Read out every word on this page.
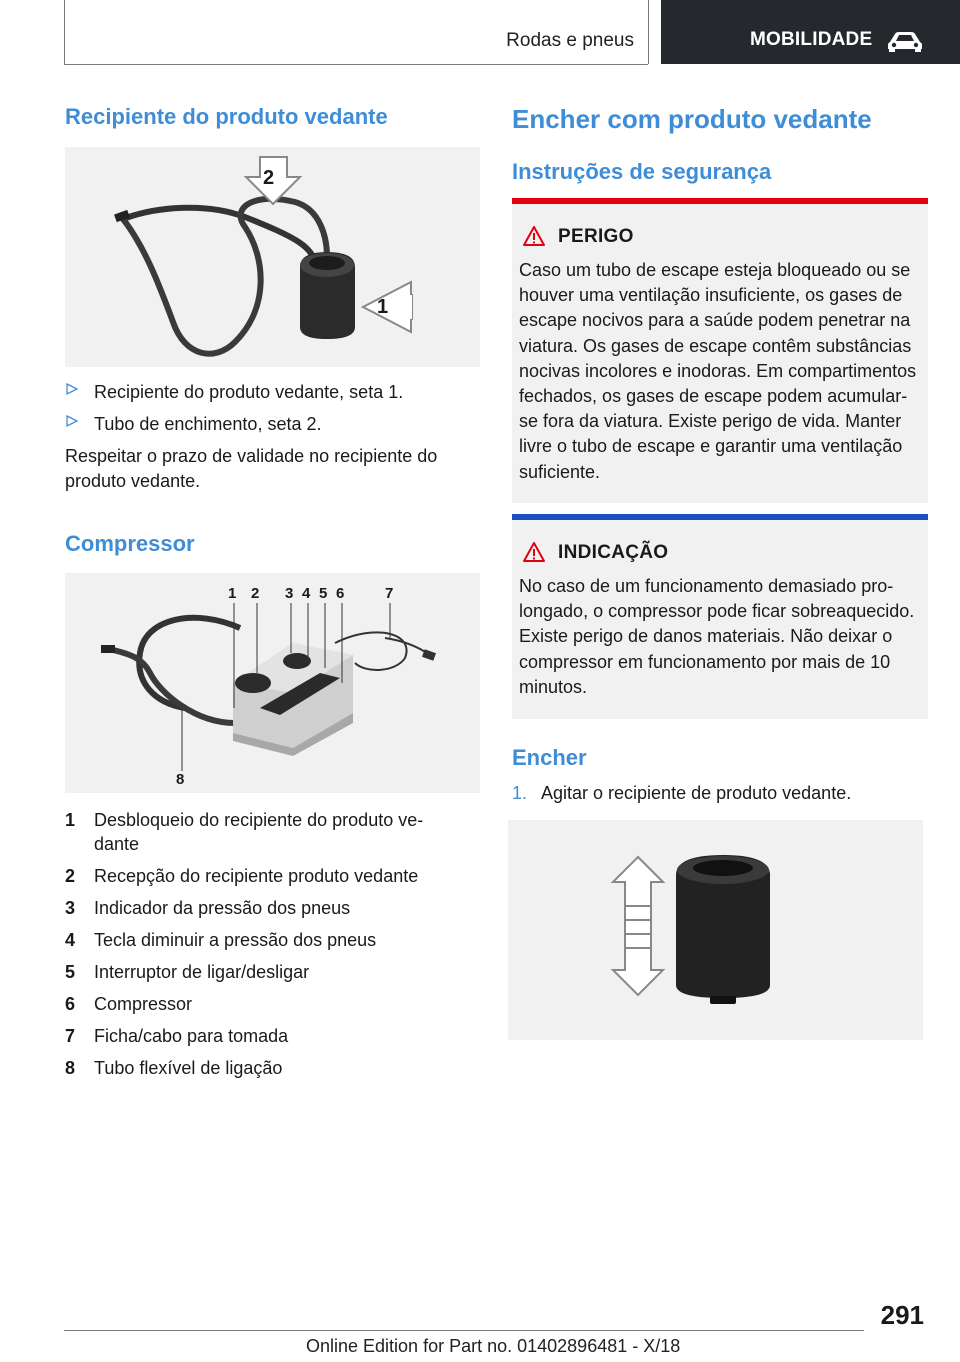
Rodas e pneus	MOBILIDADE
Recipiente do produto vedante
2
1
Recipiente do produto vedante, seta 1.
Tubo de enchimento, seta 2.
Respeitar o prazo de validade no recipiente do produto vedante.
Compressor
1 2 3 4 5 6	7
8
1 Desbloqueio do recipiente do produto vedante
2 Recepção do recipiente produto vedante
3 Indicador da pressão dos pneus
4 Tecla diminuir a pressão dos pneus
5 Interruptor de ligar/desligar
6 Compressor
7 Ficha/cabo para tomada
8 Tubo flexível de ligação
Encher com produto vedante
Instruções de segurança
PERIGO
Caso um tubo de escape esteja bloqueado ou se houver uma ventilação insuficiente, os gases de escape nocivos para a saúde podem penetrar na viatura. Os gases de escape contêm substâncias nocivas incolores e inodoras. Em compartimentos fechados, os gases de escape podem acumular-se fora da viatura. Existe perigo de vida. Manter livre o tubo de escape e garantir uma ventilação suficiente.
INDICAÇÃO
No caso de um funcionamento demasiado prolongado, o compressor pode ficar sobreaquecido. Existe perigo de danos materiais. Não deixar o compressor em funcionamento por mais de 10 minutos.
Encher
1. Agitar o recipiente de produto vedante.
291
Online Edition for Part no. 01402896481 - X/18
